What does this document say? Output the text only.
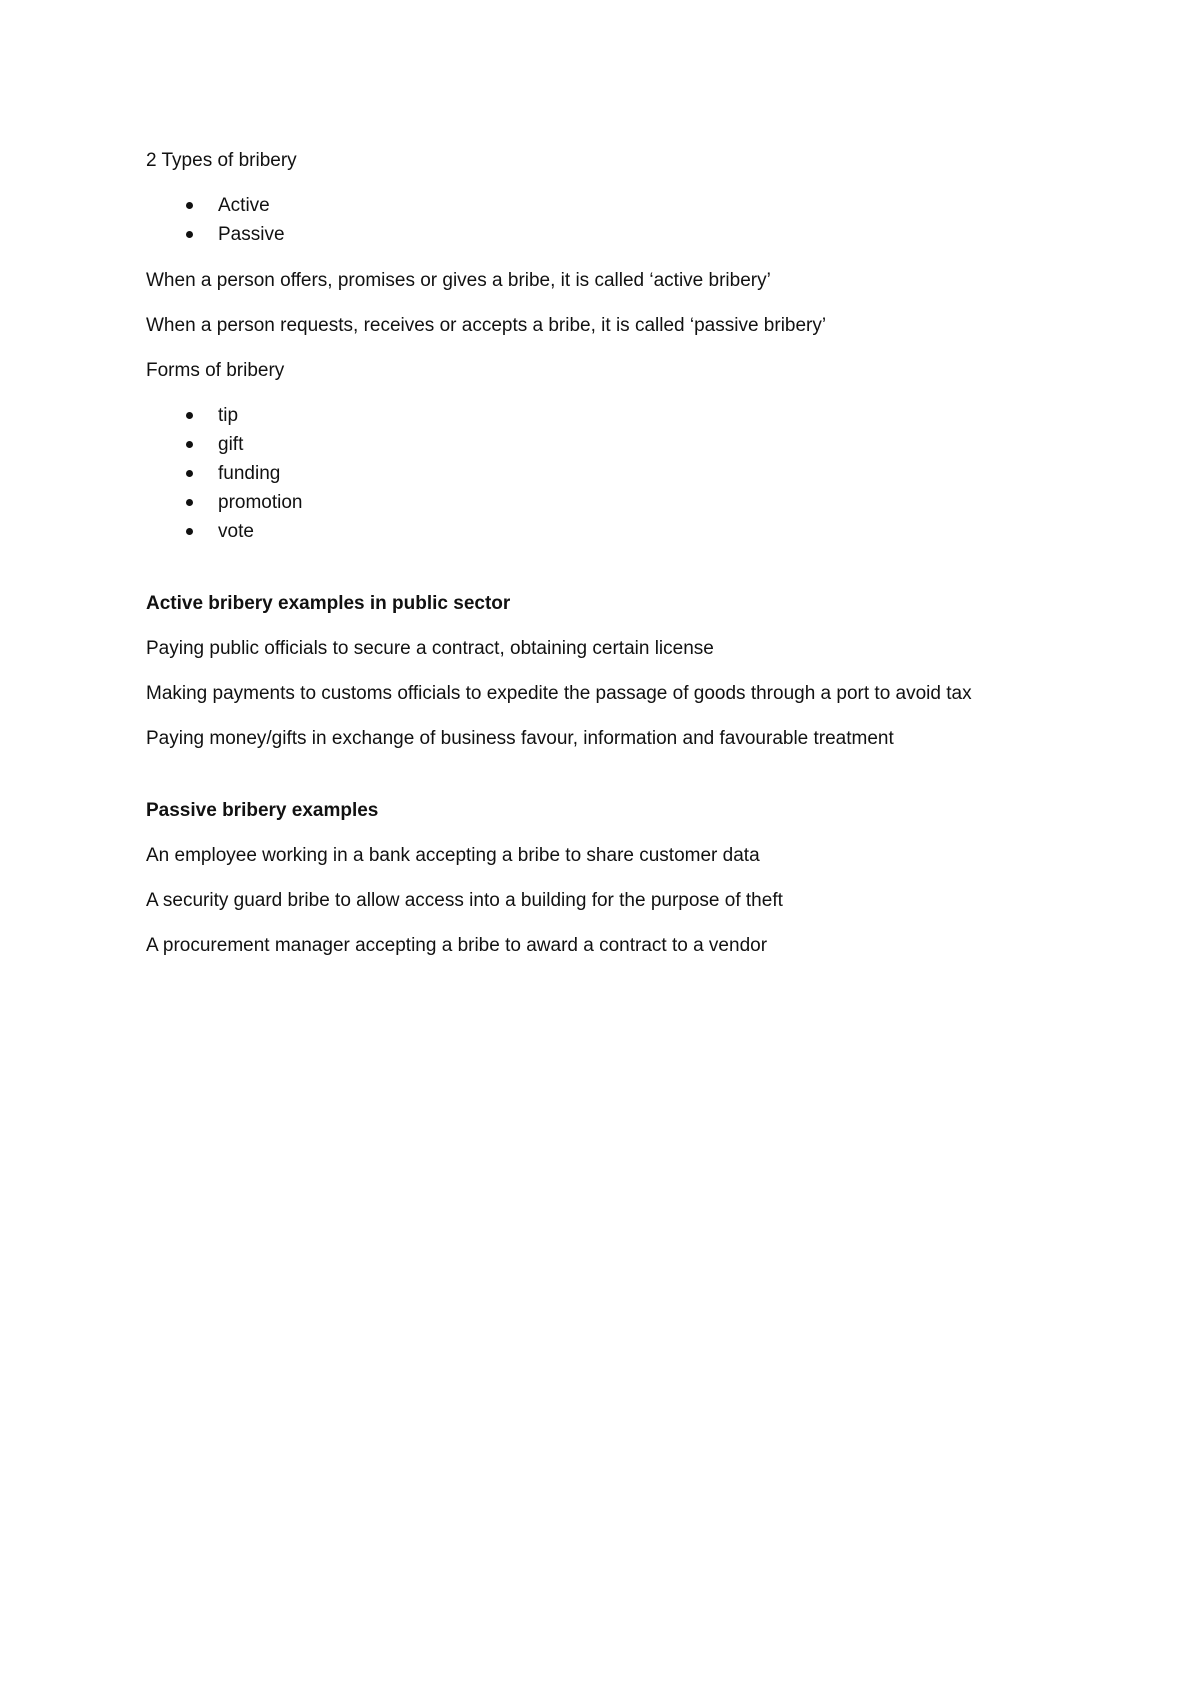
2 Types of bribery

Active
Passive

When a person offers, promises or gives a bribe, it is called ‘active bribery’

When a person requests, receives or accepts a bribe, it is called ‘passive bribery’

Forms of bribery

tip
gift
funding
promotion
vote

Active bribery examples in public sector

Paying public officials to secure a contract, obtaining certain license

Making payments to customs officials to expedite the passage of goods through a port to avoid tax

Paying money/gifts in exchange of business favour, information and favourable treatment

Passive bribery examples

An employee working in a bank accepting a bribe to share customer data

A security guard bribe to allow access into a building for the purpose of theft

A procurement manager accepting a bribe to award a contract to a vendor
